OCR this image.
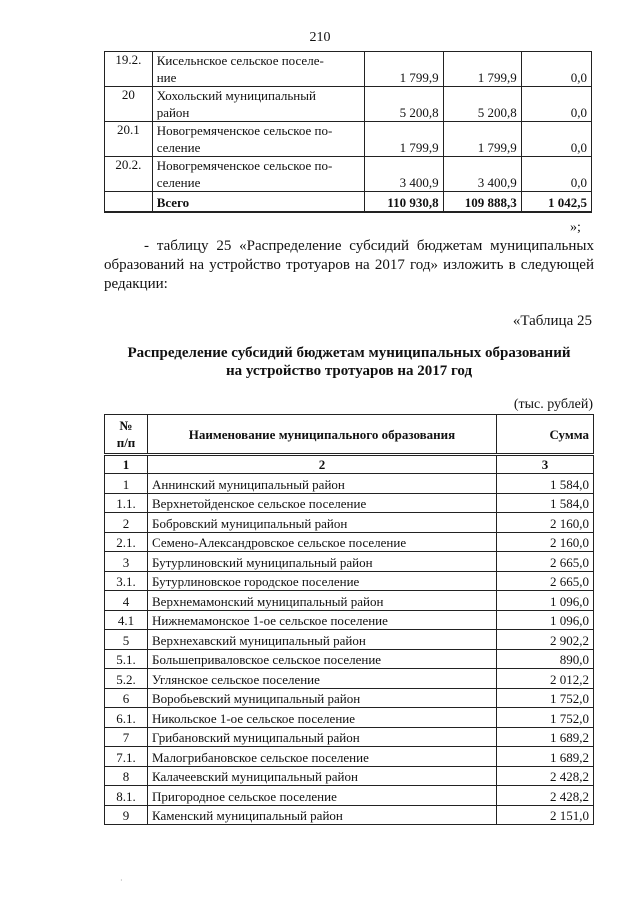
210
19.2.	Кисельнское сельское поселе-
ние	1 799,9	1 799,9	0,0
20	Хохольский муниципальный
район	5 200,8	5 200,8	0,0
20.1	Новогремяченское сельское по-
селение	1 799,9	1 799,9	0,0
20.2.	Новогремяченское сельское по-
селение	3 400,9	3 400,9	0,0
	Всего	110 930,8	109 888,3	1 042,5
»;
- таблицу 25 «Распределение субсидий бюджетам муниципальных образований на устройство тротуаров на 2017 год» изложить в следующей редакции:
«Таблица 25
Распределение субсидий бюджетам муниципальных образований
на устройство тротуаров на 2017 год
(тыс. рублей)
№
п/п	Наименование муниципального образования	Сумма
1	2	3
1	Аннинский муниципальный район	1 584,0
1.1.	Верхнетойденское сельское поселение	1 584,0
2	Бобровский муниципальный район	2 160,0
2.1.	Семено-Александровское сельское поселение	2 160,0
3	Бутурлиновский муниципальный район	2 665,0
3.1.	Бутурлиновское городское поселение	2 665,0
4	Верхнемамонский муниципальный район	1 096,0
4.1	Нижнемамонское 1-ое сельское поселение	1 096,0
5	Верхнехавский муниципальный район	2 902,2
5.1.	Большеприваловское сельское поселение	890,0
5.2.	Углянское сельское поселение	2 012,2
6	Воробьевский муниципальный район	1 752,0
6.1.	Никольское 1-ое сельское поселение	1 752,0
7	Грибановский муниципальный район	1 689,2
7.1.	Малогрибановское сельское поселение	1 689,2
8	Калачеевский муниципальный район	2 428,2
8.1.	Пригородное сельское поселение	2 428,2
9	Каменский муниципальный район	2 151,0
·
